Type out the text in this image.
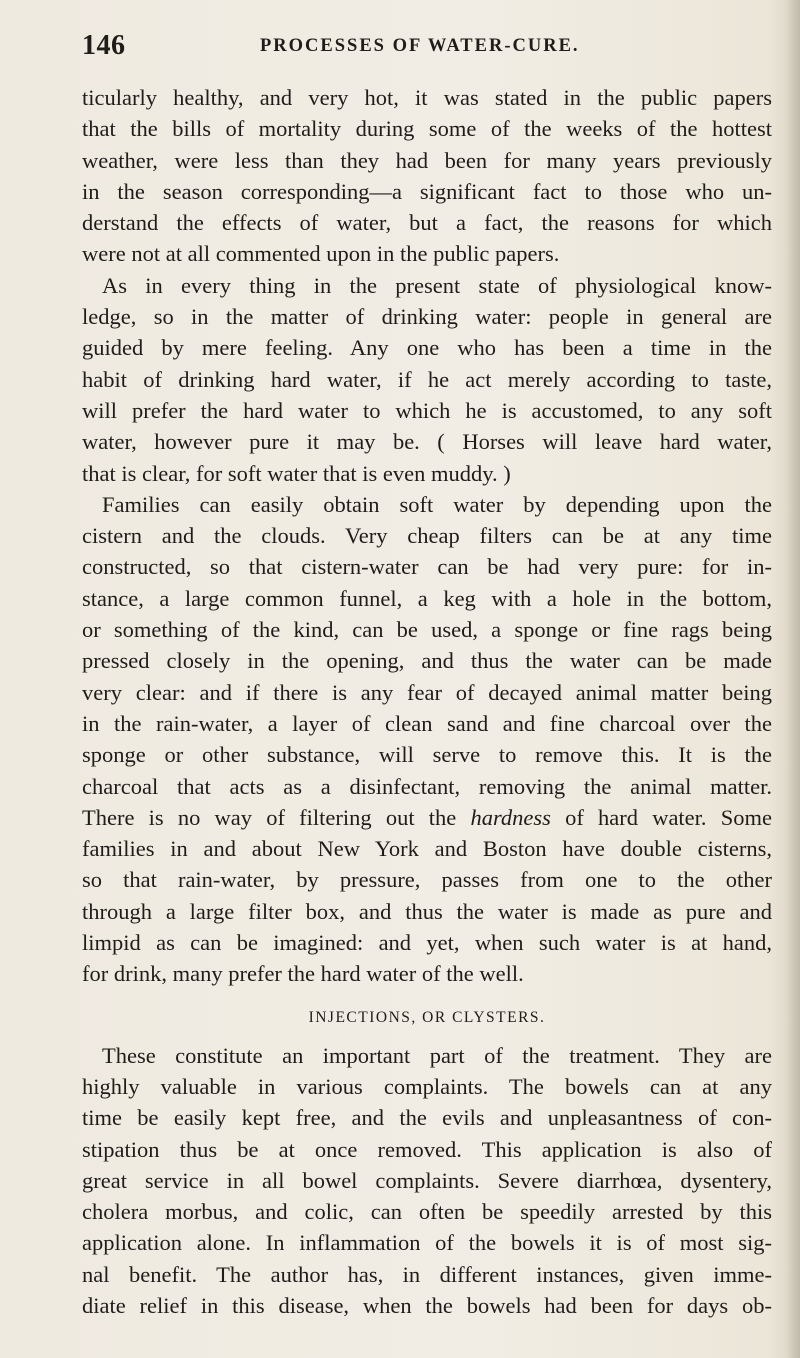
146	PROCESSES OF WATER-CURE.
ticularly healthy, and very hot, it was stated in the public papers
that the bills of mortality during some of the weeks of the hottest
weather, were less than they had been for many years previously
in the season corresponding—a significant fact to those who un-
derstand the effects of water, but a fact, the reasons for which
were not at all commented upon in the public papers.
As in every thing in the present state of physiological know-
ledge, so in the matter of drinking water: people in general are
guided by mere feeling. Any one who has been a time in the
habit of drinking hard water, if he act merely according to taste,
will prefer the hard water to which he is accustomed, to any soft
water, however pure it may be. ( Horses will leave hard water,
that is clear, for soft water that is even muddy. )
Families can easily obtain soft water by depending upon the
cistern and the clouds. Very cheap filters can be at any time
constructed, so that cistern-water can be had very pure: for in-
stance, a large common funnel, a keg with a hole in the bottom,
or something of the kind, can be used, a sponge or fine rags being
pressed closely in the opening, and thus the water can be made
very clear: and if there is any fear of decayed animal matter being
in the rain-water, a layer of clean sand and fine charcoal over the
sponge or other substance, will serve to remove this. It is the
charcoal that acts as a disinfectant, removing the animal matter.
There is no way of filtering out the hardness of hard water. Some
families in and about New York and Boston have double cisterns,
so that rain-water, by pressure, passes from one to the other
through a large filter box, and thus the water is made as pure and
limpid as can be imagined: and yet, when such water is at hand,
for drink, many prefer the hard water of the well.
INJECTIONS, OR CLYSTERS.
These constitute an important part of the treatment. They are
highly valuable in various complaints. The bowels can at any
time be easily kept free, and the evils and unpleasantness of con-
stipation thus be at once removed. This application is also of
great service in all bowel complaints. Severe diarrhœa, dysentery,
cholera morbus, and colic, can often be speedily arrested by this
application alone. In inflammation of the bowels it is of most sig-
nal benefit. The author has, in different instances, given imme-
diate relief in this disease, when the bowels had been for days ob-
